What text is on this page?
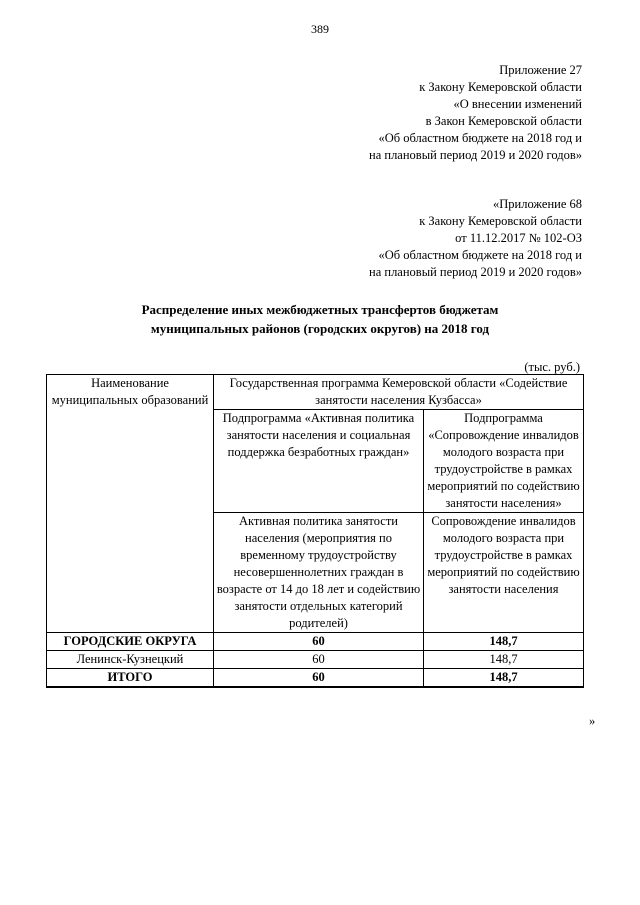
389
Приложение 27
к Закону Кемеровской области
«О внесении изменений
в Закон Кемеровской области
«Об областном бюджете на 2018 год и
на плановый период 2019 и 2020 годов»
«Приложение 68
к Закону Кемеровской области
от 11.12.2017 № 102-ОЗ
«Об областном бюджете на 2018 год и
на плановый период 2019 и 2020 годов»
Распределение иных межбюджетных трансфертов бюджетам
муниципальных районов (городских округов) на 2018 год
(тыс. руб.)
Наименование муниципальных образований	Государственная программа Кемеровской области «Содействие занятости населения Кузбасса»	
	Подпрограмма «Активная политика занятости населения и социальная поддержка безработных граждан»	Подпрограмма «Сопровождение инвалидов молодого возраста при трудоустройстве в рамках мероприятий по содействию занятости населения»
	Активная политика занятости населения (мероприятия по временному трудоустройству несовершеннолетних граждан в возрасте от 14 до 18 лет и содействию занятости отдельных категорий родителей)	Сопровождение инвалидов молодого возраста при трудоустройстве в рамках мероприятий по содействию занятости населения
ГОРОДСКИЕ ОКРУГА	60	148,7
Ленинск-Кузнецкий	60	148,7
ИТОГО	60	148,7
»
